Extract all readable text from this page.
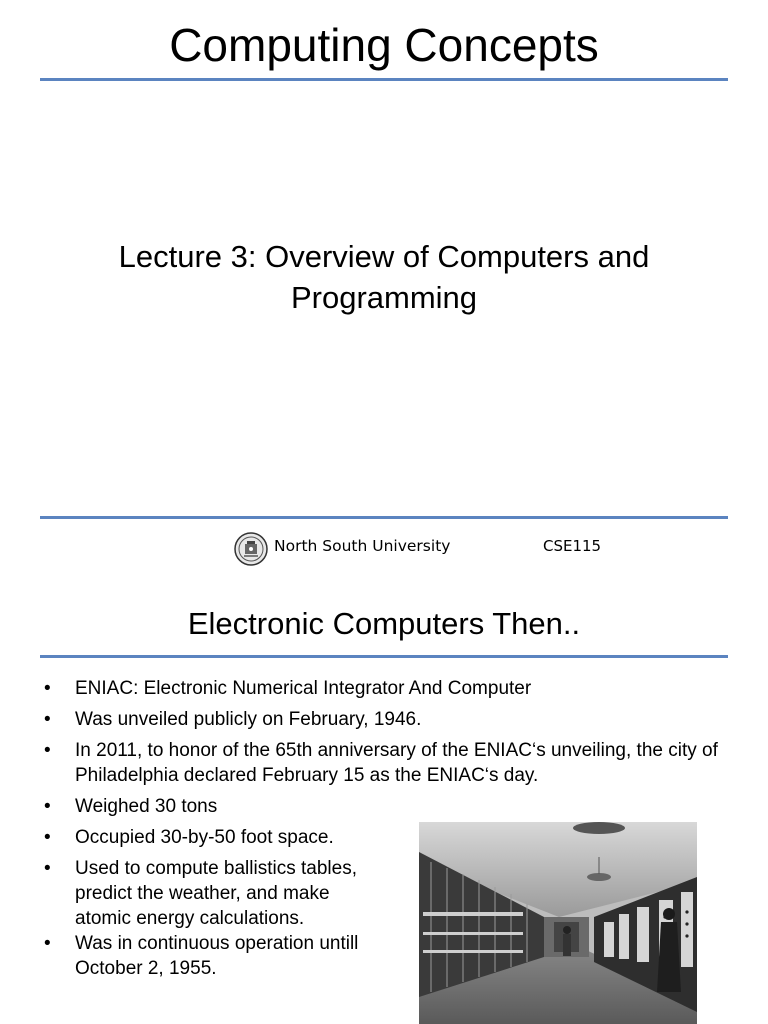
Computing Concepts
Lecture 3: Overview of Computers and Programming
North South University	CSE115
Electronic Computers Then..
• ENIAC: Electronic Numerical Integrator And Computer
• Was unveiled publicly on February, 1946.
• In 2011, to honor of the 65th anniversary of the ENIAC‘s unveiling, the city of Philadelphia declared February 15 as the ENIAC‘s day.
• Weighed 30 tons
• Occupied 30-by-50 foot space.
• Used to compute ballistics tables, predict the weather, and make atomic energy calculations.
• Was in continuous operation untill October 2, 1955.
